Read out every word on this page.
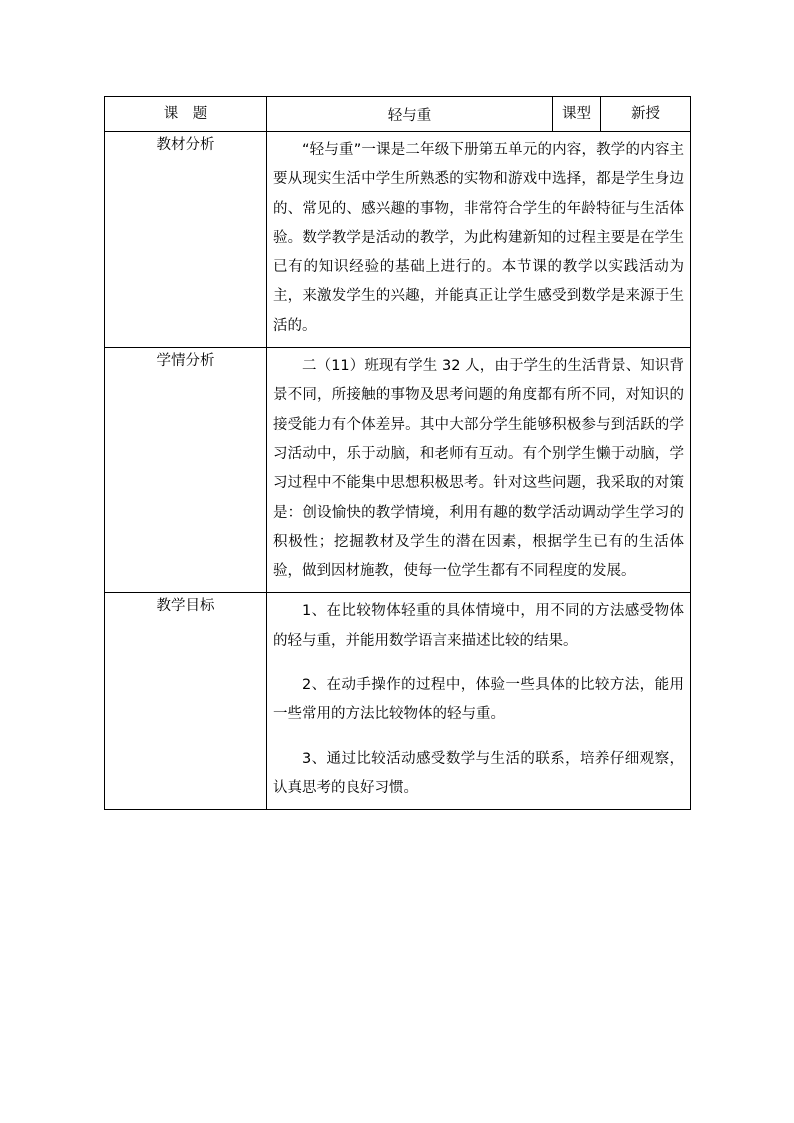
课　题	轻与重	课型	新授
教材分析	“轻与重”一课是二年级下册第五单元的内容，教学的内容主要从现实生活中学生所熟悉的实物和游戏中选择，都是学生身边的、常见的、感兴趣的事物，非常符合学生的年龄特征与生活体验。数学教学是活动的教学，为此构建新知的过程主要是在学生已有的知识经验的基础上进行的。本节课的教学以实践活动为主，来激发学生的兴趣，并能真正让学生感受到数学是来源于生活的。		

学情分析	二（11）班现有学生 32 人，由于学生的生活背景、知识背景不同，所接触的事物及思考问题的角度都有所不同，对知识的接受能力有个体差异。其中大部分学生能够积极参与到活跃的学习活动中，乐于动脑，和老师有互动。有个别学生懒于动脑，学习过程中不能集中思想积极思考。针对这些问题，我采取的对策是：创设愉快的教学情境，利用有趣的数学活动调动学生学习的积极性；挖掘教材及学生的潜在因素，根据学生已有的生活体验，做到因材施教，使每一位学生都有不同程度的发展。		

教学目标	1、在比较物体轻重的具体情境中，用不同的方法感受物体的轻与重，并能用数学语言来描述比较的结果。

2、在动手操作的过程中，体验一些具体的比较方法，能用一些常用的方法比较物体的轻与重。

3、通过比较活动感受数学与生活的联系，培养仔细观察，认真思考的良好习惯。		
